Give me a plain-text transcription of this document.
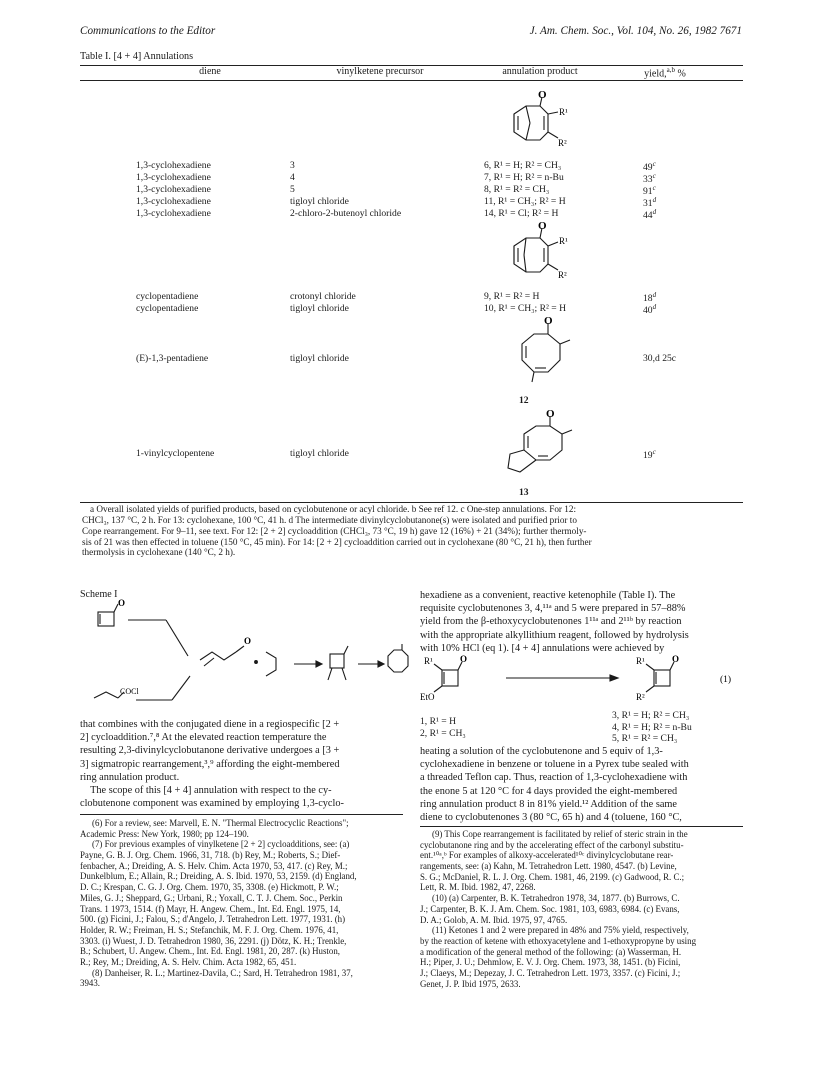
Communications to the Editor	J. Am. Chem. Soc., Vol. 104, No. 26, 1982 7671
Table I. [4 + 4] Annulations
diene	vinylketene precursor	annulation product	yield,$^{a,b}$ %
O
R¹
R²
1,3-cyclohexadiene	3	6, R¹ = H; R² = CH₃	49$^c$
1,3-cyclohexadiene	4	7, R¹ = H; R² = n-Bu	33$^c$
1,3-cyclohexadiene	5	8, R¹ = R² = CH₃	91$^c$
1,3-cyclohexadiene	tigloyl chloride	11, R¹ = CH₃; R² = H	31$^d$
1,3-cyclohexadiene	2-chloro-2-butenoyl chloride	14, R¹ = Cl; R² = H	44$^d$
O
R¹
R²
cyclopentadiene	crotonyl chloride	9, R¹ = R² = H	18$^d$
cyclopentadiene	tigloyl chloride	10, R¹ = CH₃; R² = H	40$^d$
O
12
(E)-1,3-pentadiene	tigloyl chloride	30,d 25c
O
13
1-vinylcyclopentene	tigloyl chloride	19$^c$
a Overall isolated yields of purified products, based on cyclobutenone or acyl chloride. b See ref 12. c One-step annulations. For 12:
CHCl₃, 137 °C, 2 h. For 13: cyclohexane, 100 °C, 41 h. d The intermediate divinylcyclobutanone(s) were isolated and purified prior to
Cope rearrangement. For 9–11, see text. For 12: [2 + 2] cycloaddition (CHCl₃, 73 °C, 19 h) gave 12 (16%) + 21 (34%); further thermoly-
sis of 21 was then effected in toluene (150 °C, 45 min). For 14: [2 + 2] cycloaddition carried out in cyclohexane (80 °C, 21 h), then further
thermolysis in cyclohexane (140 °C, 2 h).
Scheme I
O
O
COCl
that combines with the conjugated diene in a regiospecific [2 +
2] cycloaddition.⁷,⁸ At the elevated reaction temperature the
resulting 2,3-divinylcyclobutanone derivative undergoes a [3 +
3] sigmatropic rearrangement,³,⁹ affording the eight-membered
ring annulation product.
The scope of this [4 + 4] annulation with respect to the cy-
clobutenone component was examined by employing 1,3-cyclo-
(6) For a review, see: Marvell, E. N. "Thermal Electrocyclic Reactions";
Academic Press: New York, 1980; pp 124–190.
(7) For previous examples of vinylketene [2 + 2] cycloadditions, see: (a)
Payne, G. B. J. Org. Chem. 1966, 31, 718. (b) Rey, M.; Roberts, S.; Dief-
fenbacher, A.; Dreiding, A. S. Helv. Chim. Acta 1970, 53, 417. (c) Rey, M.;
Dunkelblum, E.; Allain, R.; Dreiding, A. S. Ibid. 1970, 53, 2159. (d) England,
D. C.; Krespan, C. G. J. Org. Chem. 1970, 35, 3308. (e) Hickmott, P. W.;
Miles, G. J.; Sheppard, G.; Urbani, R.; Yoxall, C. T. J. Chem. Soc., Perkin
Trans. 1 1973, 1514. (f) Mayr, H. Angew. Chem., Int. Ed. Engl. 1975, 14,
500. (g) Ficini, J.; Falou, S.; d'Angelo, J. Tetrahedron Lett. 1977, 1931. (h)
Holder, R. W.; Freiman, H. S.; Stefanchik, M. F. J. Org. Chem. 1976, 41,
3303. (i) Wuest, J. D. Tetrahedron 1980, 36, 2291. (j) Dötz, K. H.; Trenkle,
B.; Schubert, U. Angew. Chem., Int. Ed. Engl. 1981, 20, 287. (k) Huston,
R.; Rey, M.; Dreiding, A. S. Helv. Chim. Acta 1982, 65, 451.
(8) Danheiser, R. L.; Martinez-Davila, C.; Sard, H. Tetrahedron 1981, 37,
3943.
hexadiene as a convenient, reactive ketenophile (Table I). The
requisite cyclobutenones 3, 4,¹¹ᵃ and 5 were prepared in 57–88%
yield from the β-ethoxycyclobutenones 1¹¹ᵃ and 2¹¹ᵇ by reaction
with the appropriate alkyllithium reagent, followed by hydrolysis
with 10% HCl (eq 1). [4 + 4] annulations were achieved by
O
R¹
EtO
O
R¹
R²
(1)
1, R¹ = H
2, R¹ = CH₃
3, R¹ = H; R² = CH₃
4, R¹ = H; R² = n-Bu
5, R¹ = R² = CH₃
heating a solution of the cyclobutenone and 5 equiv of 1,3-
cyclohexadiene in benzene or toluene in a Pyrex tube sealed with
a threaded Teflon cap. Thus, reaction of 1,3-cyclohexadiene with
the enone 5 at 120 °C for 4 days provided the eight-membered
ring annulation product 8 in 81% yield.¹² Addition of the same
diene to cyclobutenones 3 (80 °C, 65 h) and 4 (toluene, 160 °C,
(9) This Cope rearrangement is facilitated by relief of steric strain in the
cyclobutanone ring and by the accelerating effect of the carbonyl substitu-
ent.¹⁰ᵃ,ᵇ For examples of alkoxy-accelerated¹⁰ᶜ divinylcyclobutane rear-
rangements, see: (a) Kahn, M. Tetrahedron Lett. 1980, 4547. (b) Levine,
S. G.; McDaniel, R. L. J. Org. Chem. 1981, 46, 2199. (c) Gadwood, R. C.;
Lett, R. M. Ibid. 1982, 47, 2268.
(10) (a) Carpenter, B. K. Tetrahedron 1978, 34, 1877. (b) Burrows, C.
J.; Carpenter, B. K. J. Am. Chem. Soc. 1981, 103, 6983, 6984. (c) Evans,
D. A.; Golob, A. M. Ibid. 1975, 97, 4765.
(11) Ketones 1 and 2 were prepared in 48% and 75% yield, respectively,
by the reaction of ketene with ethoxyacetylene and 1-ethoxypropyne by using
a modification of the general method of the following: (a) Wasserman, H.
H.; Piper, J. U.; Dehmlow, E. V. J. Org. Chem. 1973, 38, 1451. (b) Ficini,
J.; Claeys, M.; Depezay, J. C. Tetrahedron Lett. 1973, 3357. (c) Ficini, J.;
Genet, J. P. Ibid 1975, 2633.
